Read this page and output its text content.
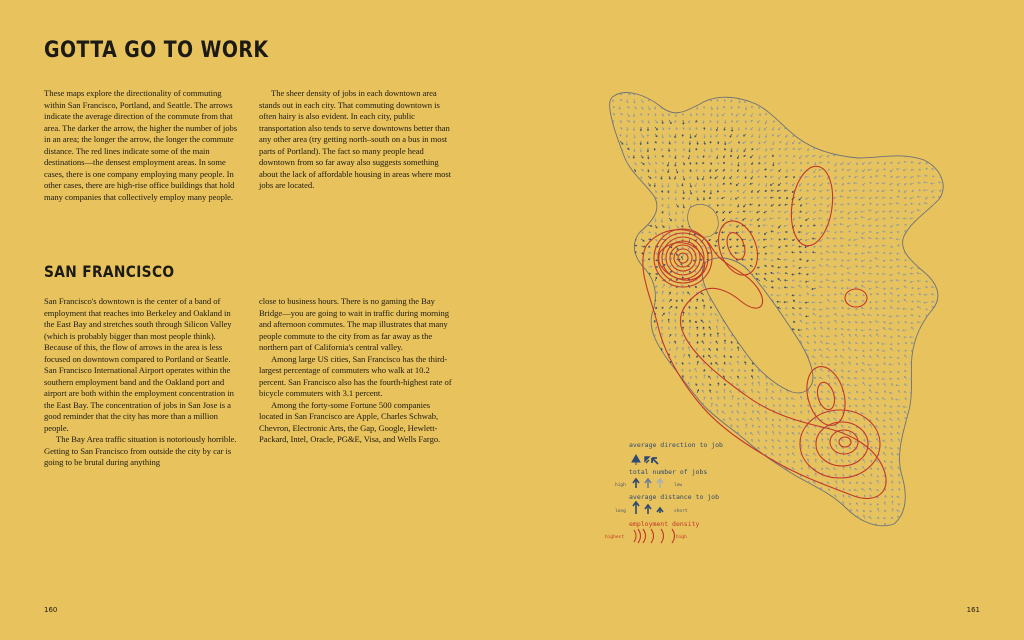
GOTTA GO TO WORK

These maps explore the directionality of commuting within San Francisco, Portland, and Seattle. The arrows indicate the average direction of the commute from that area. The darker the arrow, the higher the number of jobs in an area; the longer the arrow, the longer the commute distance. The red lines indicate some of the main destinations—the densest employment areas. In some cases, there is one company employing many people. In other cases, there are high-rise office buildings that hold many companies that collectively employ many people.

The sheer density of jobs in each downtown area stands out in each city. That commuting downtown is often hairy is also evident. In each city, public transportation also tends to serve downtowns better than any other area (try getting north–south on a bus in most parts of Portland). The fact so many people head downtown from so far away also suggests something about the lack of affordable housing in areas where most jobs are located.

SAN FRANCISCO

San Francisco's downtown is the center of a band of employment that reaches into Berkeley and Oakland in the East Bay and stretches south through Silicon Valley (which is probably bigger than most people think). Because of this, the flow of arrows in the area is less focused on downtown compared to Portland or Seattle. San Francisco International Airport operates within the southern employment band and the Oakland port and airport are both within the employment concentration in the East Bay. The concentration of jobs in San Jose is a good reminder that the city has more than a million people.

The Bay Area traffic situation is notoriously horrible. Getting to San Francisco from outside the city by car is going to be brutal during anything

close to business hours. There is no gaming the Bay Bridge—you are going to wait in traffic during morning and afternoon commutes. The map illustrates that many people commute to the city from as far away as the northern part of California's central valley.

Among large US cities, San Francisco has the third-largest percentage of commuters who walk at 10.2 percent. San Francisco also has the fourth-highest rate of bicycle commuters with 3.1 percent.

Among the forty-some Fortune 500 companies located in San Francisco are Apple, Charles Schwab, Chevron, Electronic Arts, the Gap, Google, Hewlett-Packard, Intel, Oracle, PG&E, Visa, and Wells Fargo.

160	161
average direction to job
total number of jobs
high	low
average distance to job
long	short
employment density
highest	high
